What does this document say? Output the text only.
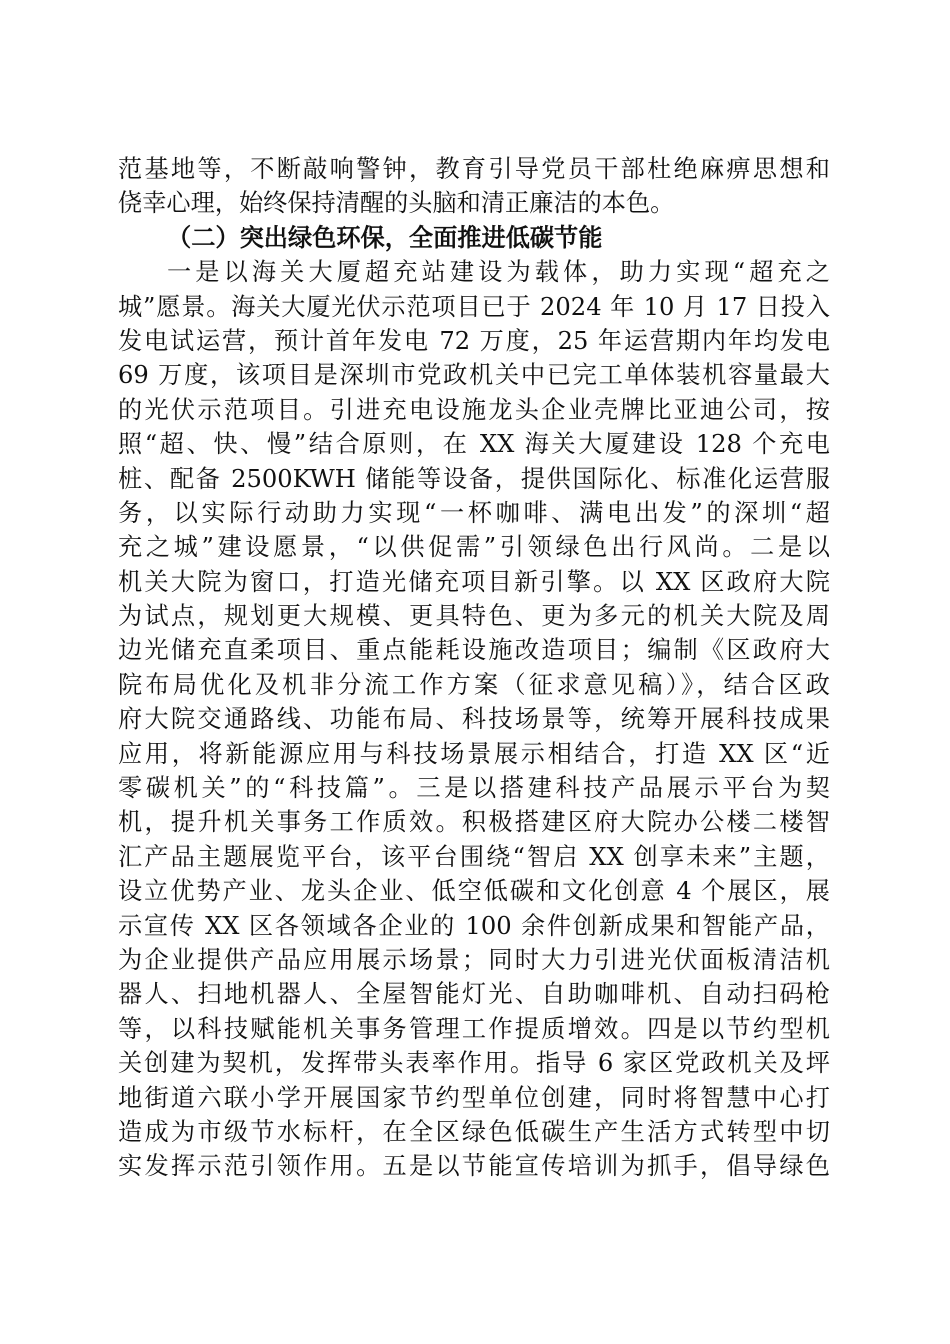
范基地等，不断敲响警钟，教育引导党员干部杜绝麻痹思想和
侥幸心理，始终保持清醒的头脑和清正廉洁的本色。
（二）突出绿色环保，全面推进低碳节能
一是以海关大厦超充站建设为载体，助力实现“超充之
城”愿景。海关大厦光伏示范项目已于 2024 年 10 月 17 日投入
发电试运营，预计首年发电 72 万度，25 年运营期内年均发电
69 万度，该项目是深圳市党政机关中已完工单体装机容量最大
的光伏示范项目。引进充电设施龙头企业壳牌比亚迪公司，按
照“超、快、慢”结合原则，在 XX 海关大厦建设 128 个充电
桩、配备 2500KWH 储能等设备，提供国际化、标准化运营服
务，以实际行动助力实现“一杯咖啡、满电出发”的深圳“超
充之城”建设愿景，“以供促需”引领绿色出行风尚。二是以
机关大院为窗口，打造光储充项目新引擎。以 XX 区政府大院
为试点，规划更大规模、更具特色、更为多元的机关大院及周
边光储充直柔项目、重点能耗设施改造项目；编制《区政府大
院布局优化及机非分流工作方案（征求意见稿）》，结合区政
府大院交通路线、功能布局、科技场景等，统筹开展科技成果
应用，将新能源应用与科技场景展示相结合，打造 XX 区“近
零碳机关”的“科技篇”。三是以搭建科技产品展示平台为契
机，提升机关事务工作质效。积极搭建区府大院办公楼二楼智
汇产品主题展览平台，该平台围绕“智启 XX 创享未来”主题，
设立优势产业、龙头企业、低空低碳和文化创意 4 个展区，展
示宣传 XX 区各领域各企业的 100 余件创新成果和智能产品，
为企业提供产品应用展示场景；同时大力引进光伏面板清洁机
器人、扫地机器人、全屋智能灯光、自助咖啡机、自动扫码枪
等，以科技赋能机关事务管理工作提质增效。四是以节约型机
关创建为契机，发挥带头表率作用。指导 6 家区党政机关及坪
地街道六联小学开展国家节约型单位创建，同时将智慧中心打
造成为市级节水标杆，在全区绿色低碳生产生活方式转型中切
实发挥示范引领作用。五是以节能宣传培训为抓手，倡导绿色
